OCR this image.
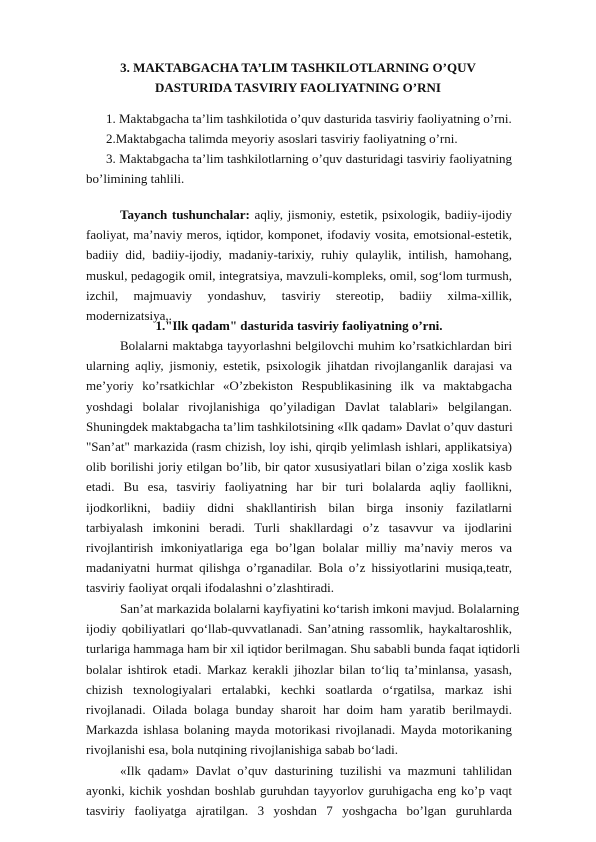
3. MAKTABGACHA TA’LIM TASHKILOTLARNING O’QUV
DASTURIDA TASVIRIY FAOLIYATNING O’RNI
1. Maktabgacha ta’lim tashkilotida o’quv dasturida tasviriy faoliyatning o’rni.
2.Maktabgacha talimda meyoriy asoslari tasviriy faoliyatning o’rni.
3. Maktabgacha ta’lim tashkilotlarning o’quv dasturidagi tasviriy faoliyatning
bo’limining tahlili.
Tayanch tushunchalar: aqliy, jismoniy, estetik, psixologik, badiiy-ijodiy
faoliyat, ma’naviy meros, iqtidor, komponet, ifodaviy vosita, emotsional-estetik,
badiiy did, badiiy-ijodiy, madaniy-tarixiy, ruhiy qulaylik, intilish, hamohang,
muskul, pedagogik omil, integratsiya, mavzuli-kompleks, omil, sog‘lom turmush,
izchil, majmuaviy yondashuv, tasviriy stereotip, badiiy xilma-xillik,
modernizatsiya,.
1."Ilk qadam" dasturida tasviriy faoliyatning o’rni.
Bolalarni maktabga tayyorlashni belgilovchi muhim ko’rsatkichlardan biri
ularning aqliy, jismoniy, estetik, psixologik jihatdan rivojlanganlik darajasi va
me’yoriy ko’rsatkichlar «O’zbekiston Respublikasining ilk va maktabgacha
yoshdagi bolalar rivojlanishiga qo’yiladigan Davlat talablari» belgilangan.
Shuningdek maktabgacha ta’lim tashkilotsining «Ilk qadam» Davlat o’quv dasturi
"San’at" markazida (rasm chizish, loy ishi, qirqib yelimlash ishlari, applikatsiya)
olib borilishi joriy etilgan bo’lib, bir qator xususiyatlari bilan o’ziga xoslik kasb
etadi. Bu esa, tasviriy faoliyatning har bir turi bolalarda aqliy faollikni,
ijodkorlikni, badiiy didni shakllantirish bilan birga insoniy fazilatlarni
tarbiyalash imkonini beradi. Turli shakllardagi o’z tasavvur va ijodlarini
rivojlantirish imkoniyatlariga ega bo’lgan bolalar milliy ma’naviy meros va
madaniyatni hurmat qilishga o’rganadilar. Bola o’z hissiyotlarini musiqa,teatr,
tasviriy faoliyat orqali ifodalashni o’zlashtiradi.
San’at markazida bolalarni kayfiyatini ko‘tarish imkoni mavjud. Bolalarning
ijodiy qobiliyatlari qo‘llab-quvvatlanadi. San’atning rassomlik, haykaltaroshlik,
turlariga hammaga ham bir xil iqtidor berilmagan. Shu sababli bunda faqat iqtidorli
bolalar ishtirok etadi. Markaz kerakli jihozlar bilan to‘liq ta’minlansa, yasash,
chizish texnologiyalari ertalabki, kechki soatlarda o‘rgatilsa, markaz ishi
rivojlanadi. Oilada bolaga bunday sharoit har doim ham yaratib berilmaydi.
Markazda ishlasa bolaning mayda motorikasi rivojlanadi. Mayda motorikaning
rivojlanishi esa, bola nutqining rivojlanishiga sabab bo‘ladi.
«Ilk qadam» Davlat o’quv dasturining tuzilishi va mazmuni tahlilidan
ayonki, kichik yoshdan boshlab guruhdan tayyorlov guruhigacha eng ko’p vaqt
tasviriy faoliyatga ajratilgan. 3 yoshdan 7 yoshgacha bo’lgan guruhlarda
